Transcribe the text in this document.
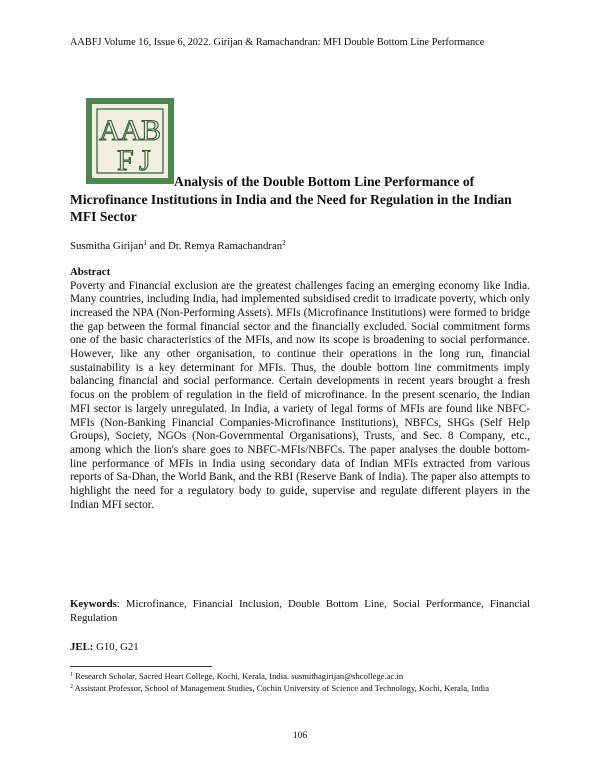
AABFJ Volume 16, Issue 6, 2022. Girijan & Ramachandran: MFI Double Bottom Line Performance
A A B
F J
Analysis of the Double Bottom Line Performance of Microfinance Institutions in India and the Need for Regulation in the Indian MFI Sector
Susmitha Girijan$^1$ and Dr. Remya Ramachandran$^2$
Abstract

Poverty and Financial exclusion are the greatest challenges facing an emerging economy like India. Many countries, including India, had implemented subsidised credit to irradicate poverty, which only increased the NPA (Non-Performing Assets). MFIs (Microfinance Institutions) were formed to bridge the gap between the formal financial sector and the financially excluded. Social commitment forms one of the basic characteristics of the MFIs, and now its scope is broadening to social performance. However, like any other organisation, to continue their operations in the long run, financial sustainability is a key determinant for MFIs. Thus, the double bottom line commitments imply balancing financial and social performance. Certain developments in recent years brought a fresh focus on the problem of regulation in the field of microfinance. In the present scenario, the Indian MFI sector is largely unregulated. In India, a variety of legal forms of MFIs are found like NBFC-MFIs (Non-Banking Financial Companies-Microfinance Institutions), NBFCs, SHGs (Self Help Groups), Society, NGOs (Non-Governmental Organisations), Trusts, and Sec. 8 Company, etc., among which the lion's share goes to NBFC-MFIs/NBFCs. The paper analyses the double bottom-line performance of MFIs in India using secondary data of Indian MFIs extracted from various reports of Sa-Dhan, the World Bank, and the RBI (Reserve Bank of India). The paper also attempts to highlight the need for a regulatory body to guide, supervise and regulate different players in the Indian MFI sector.

Keywords: Microfinance, Financial Inclusion, Double Bottom Line, Social Performance, Financial Regulation

JEL: G10, G21
$^1$ Research Scholar, Sacred Heart College, Kochi, Kerala, India. susmithagirijan@shcollege.ac.in
$^2$ Assistant Professor, School of Management Studies, Cochin University of Science and Technology, Kochi, Kerala, India
106
